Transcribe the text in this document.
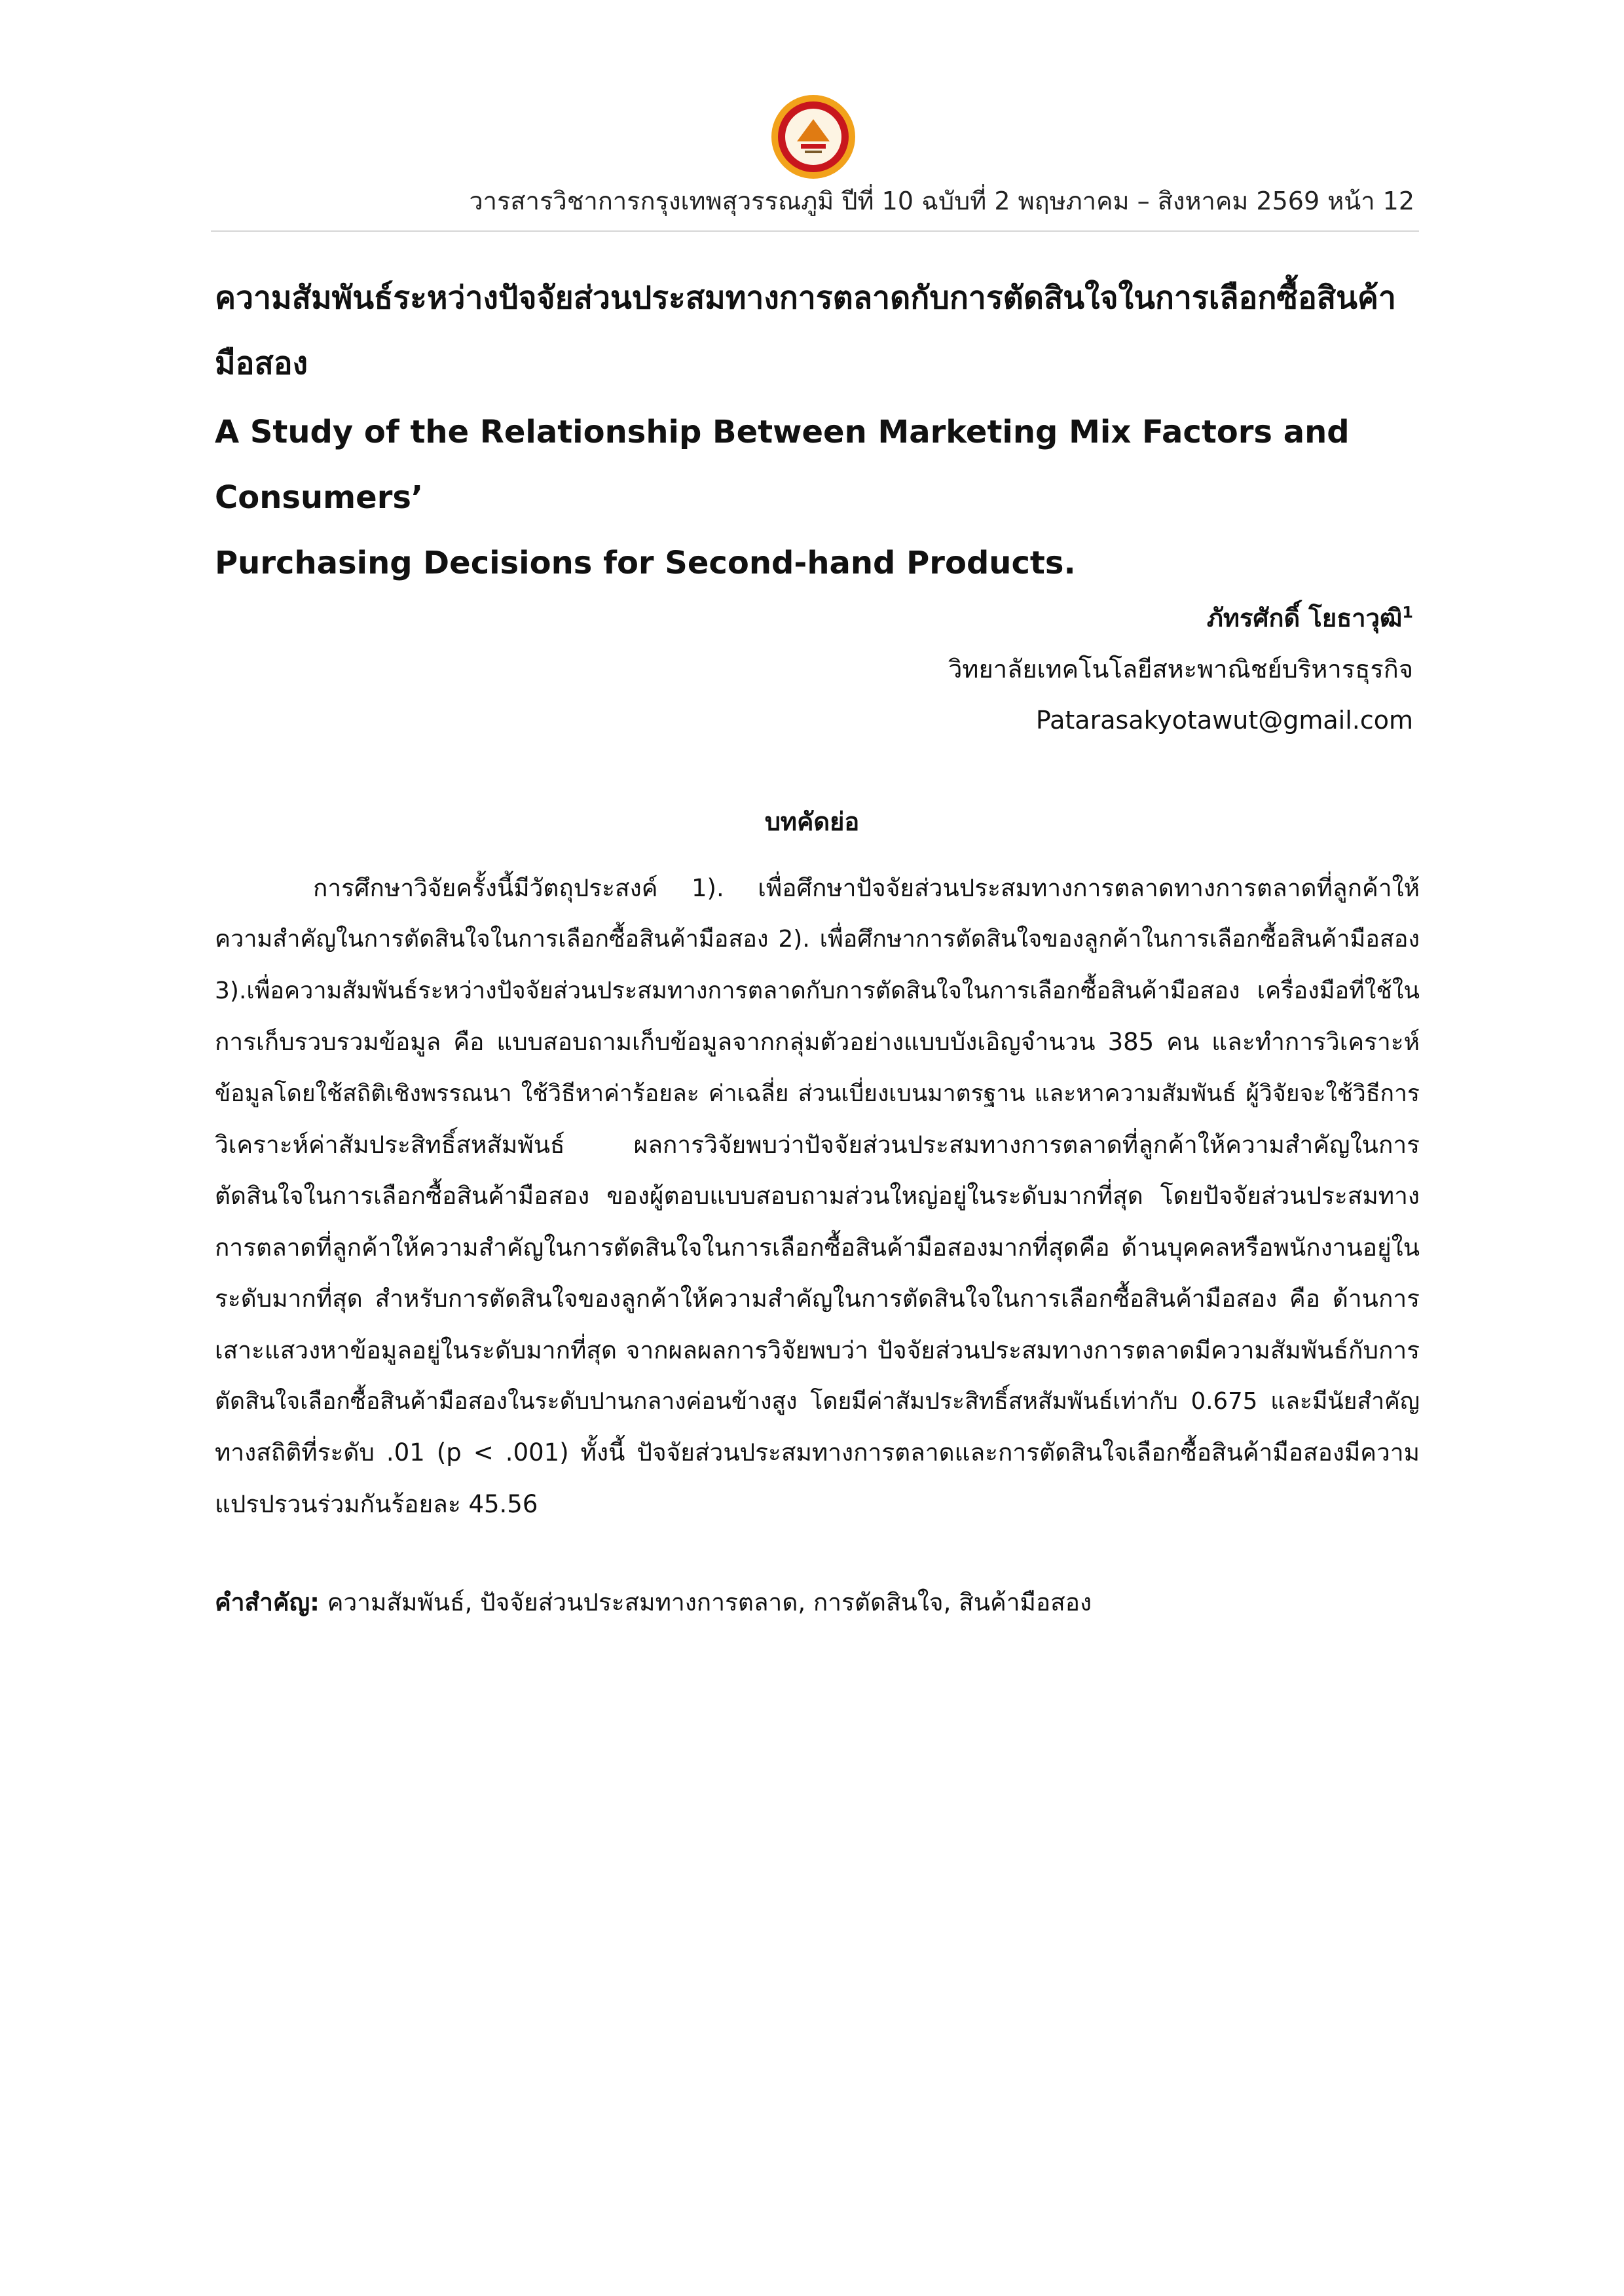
วารสารวิชาการกรุงเทพสุวรรณภูมิ ปีที่ 10 ฉบับที่ 2 พฤษภาคม – สิงหาคม 2569 หน้า 12
ความสัมพันธ์ระหว่างปัจจัยส่วนประสมทางการตลาดกับการตัดสินใจในการเลือกซื้อสินค้า
มือสอง
A Study of the Relationship Between Marketing Mix Factors and Consumers’
Purchasing Decisions for Second-hand Products.
ภัทรศักดิ์ โยธาวุฒิ$^1$
วิทยาลัยเทคโนโลยีสหะพาณิชย์บริหารธุรกิจ
Patarasakyotawut@gmail.com
บทคัดย่อ
การศึกษาวิจัยครั้งนี้มีวัตถุประสงค์ 1). เพื่อศึกษาปัจจัยส่วนประสมทางการตลาดทางการตลาดที่ลูกค้าให้
ความสำคัญในการตัดสินใจในการเลือกซื้อสินค้ามือสอง 2). เพื่อศึกษาการตัดสินใจของลูกค้าในการเลือกซื้อสินค้ามือสอง
3).เพื่อความสัมพันธ์ระหว่างปัจจัยส่วนประสมทางการตลาดกับการตัดสินใจในการเลือกซื้อสินค้ามือสอง เครื่องมือที่ใช้ใน
การเก็บรวบรวมข้อมูล คือ แบบสอบถามเก็บข้อมูลจากกลุ่มตัวอย่างแบบบังเอิญจำนวน 385 คน และทำการวิเคราะห์
ข้อมูลโดยใช้สถิติเชิงพรรณนา ใช้วิธีหาค่าร้อยละ ค่าเฉลี่ย ส่วนเบี่ยงเบนมาตรฐาน และหาความสัมพันธ์ ผู้วิจัยจะใช้วิธีการ
วิเคราะห์ค่าสัมประสิทธิ์สหสัมพันธ์ ผลการวิจัยพบว่าปัจจัยส่วนประสมทางการตลาดที่ลูกค้าให้ความสำคัญในการ
ตัดสินใจในการเลือกซื้อสินค้ามือสอง ของผู้ตอบแบบสอบถามส่วนใหญ่อยู่ในระดับมากที่สุด โดยปัจจัยส่วนประสมทาง
การตลาดที่ลูกค้าให้ความสำคัญในการตัดสินใจในการเลือกซื้อสินค้ามือสองมากที่สุดคือ ด้านบุคคลหรือพนักงานอยู่ใน
ระดับมากที่สุด สำหรับการตัดสินใจของลูกค้าให้ความสำคัญในการตัดสินใจในการเลือกซื้อสินค้ามือสอง คือ ด้านการ
เสาะแสวงหาข้อมูลอยู่ในระดับมากที่สุด จากผลผลการวิจัยพบว่า ปัจจัยส่วนประสมทางการตลาดมีความสัมพันธ์กับการ
ตัดสินใจเลือกซื้อสินค้ามือสองในระดับปานกลางค่อนข้างสูง โดยมีค่าสัมประสิทธิ์สหสัมพันธ์เท่ากับ 0.675 และมีนัยสำคัญ
ทางสถิติที่ระดับ .01 (p < .001) ทั้งนี้ ปัจจัยส่วนประสมทางการตลาดและการตัดสินใจเลือกซื้อสินค้ามือสองมีความ
แปรปรวนร่วมกันร้อยละ 45.56
คำสำคัญ: ความสัมพันธ์, ปัจจัยส่วนประสมทางการตลาด, การตัดสินใจ, สินค้ามือสอง
